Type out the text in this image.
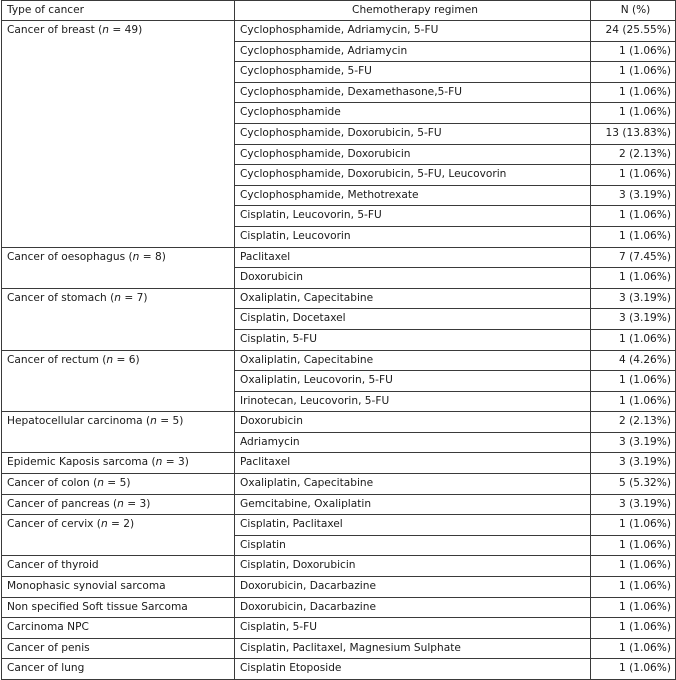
Type of cancer	Chemotherapy regimen	N (%)
Cancer of breast (n = 49)	Cyclophosphamide, Adriamycin, 5-FU	24 (25.55%)
	Cyclophosphamide, Adriamycin	1 (1.06%)
	Cyclophosphamide, 5-FU	1 (1.06%)
	Cyclophosphamide, Dexamethasone,5-FU	1 (1.06%)
	Cyclophosphamide	1 (1.06%)
	Cyclophosphamide, Doxorubicin, 5-FU	13 (13.83%)
	Cyclophosphamide, Doxorubicin	2 (2.13%)
	Cyclophosphamide, Doxorubicin, 5-FU, Leucovorin	1 (1.06%)
	Cyclophosphamide, Methotrexate	3 (3.19%)
	Cisplatin, Leucovorin, 5-FU	1 (1.06%)
	Cisplatin, Leucovorin	1 (1.06%)
Cancer of oesophagus (n = 8)	Paclitaxel	7 (7.45%)
	Doxorubicin	1 (1.06%)
Cancer of stomach (n = 7)	Oxaliplatin, Capecitabine	3 (3.19%)
	Cisplatin, Docetaxel	3 (3.19%)
	Cisplatin, 5-FU	1 (1.06%)
Cancer of rectum (n = 6)	Oxaliplatin, Capecitabine	4 (4.26%)
	Oxaliplatin, Leucovorin, 5-FU	1 (1.06%)
	Irinotecan, Leucovorin, 5-FU	1 (1.06%)
Hepatocellular carcinoma (n = 5)	Doxorubicin	2 (2.13%)
	Adriamycin	3 (3.19%)
Epidemic Kaposis sarcoma (n = 3)	Paclitaxel	3 (3.19%)
Cancer of colon (n = 5)	Oxaliplatin, Capecitabine	5 (5.32%)
Cancer of pancreas (n = 3)	Gemcitabine, Oxaliplatin	3 (3.19%)
Cancer of cervix (n = 2)	Cisplatin, Paclitaxel	1 (1.06%)
	Cisplatin	1 (1.06%)
Cancer of thyroid	Cisplatin, Doxorubicin	1 (1.06%)
Monophasic synovial sarcoma	Doxorubicin, Dacarbazine	1 (1.06%)
Non specified Soft tissue Sarcoma	Doxorubicin, Dacarbazine	1 (1.06%)
Carcinoma NPC	Cisplatin, 5-FU	1 (1.06%)
Cancer of penis	Cisplatin, Paclitaxel, Magnesium Sulphate	1 (1.06%)
Cancer of lung	Cisplatin Etoposide	1 (1.06%)
